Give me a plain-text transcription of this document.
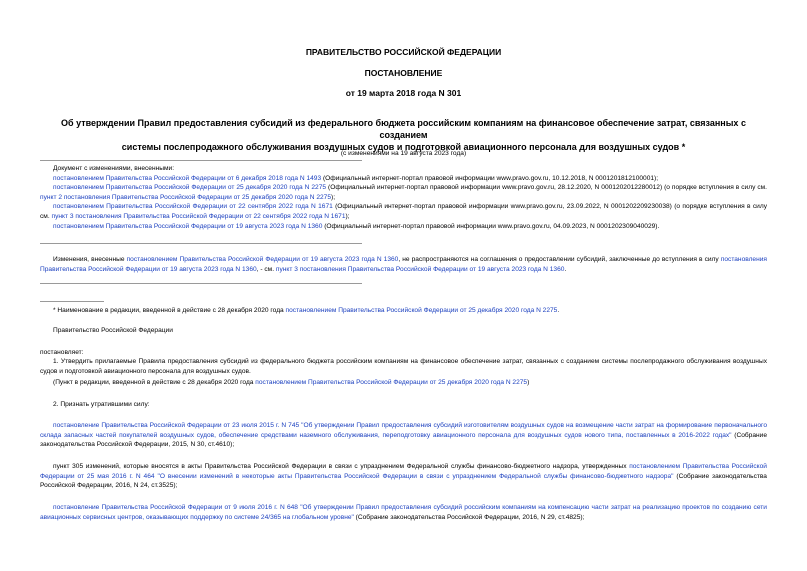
ПРАВИТЕЛЬСТВО РОССИЙСКОЙ ФЕДЕРАЦИИ
ПОСТАНОВЛЕНИЕ
от 19 марта 2018 года N 301
Об утверждении Правил предоставления субсидий из федерального бюджета российским компаниям на финансовое обеспечение затрат, связанных с созданием
системы послепродажного обслуживания воздушных судов и подготовкой авиационного персонала для воздушных судов *
(с изменениями на 19 августа 2023 года)
Документ с изменениями, внесенными:
постановлением Правительства Российской Федерации от 6 декабря 2018 года N 1493 (Официальный интернет-портал правовой информации www.pravo.gov.ru, 10.12.2018, N 0001201812100001);
постановлением Правительства Российской Федерации от 25 декабря 2020 года N 2275 (Официальный интернет-портал правовой информации www.pravo.gov.ru, 28.12.2020, N 0001202012280012) (о порядке вступления в силу см. пункт 2 постановления Правительства Российской Федерации от 25 декабря 2020 года N 2275);
постановлением Правительства Российской Федерации от 22 сентября 2022 года N 1671 (Официальный интернет-портал правовой информации www.pravo.gov.ru, 23.09.2022, N 0001202209230038) (о порядке вступления в силу см. пункт 3 постановления Правительства Российской Федерации от 22 сентября 2022 года N 1671);
постановлением Правительства Российской Федерации от 19 августа 2023 года N 1360 (Официальный интернет-портал правовой информации www.pravo.gov.ru, 04.09.2023, N 0001202309040029).
Изменения, внесенные постановлением Правительства Российской Федерации от 19 августа 2023 года N 1360, не распространяются на соглашения о предоставлении субсидий, заключенные до вступления в силу постановления Правительства Российской Федерации от 19 августа 2023 года N 1360, - см. пункт 3 постановления Правительства Российской Федерации от 19 августа 2023 года N 1360.
* Наименование в редакции, введенной в действие с 28 декабря 2020 года постановлением Правительства Российской Федерации от 25 декабря 2020 года N 2275.
Правительство Российской Федерации
постановляет:
1. Утвердить прилагаемые Правила предоставления субсидий из федерального бюджета российским компаниям на финансовое обеспечение затрат, связанных с созданием системы послепродажного обслуживания воздушных судов и подготовкой авиационного персонала для воздушных судов.
(Пункт в редакции, введенной в действие с 28 декабря 2020 года постановлением Правительства Российской Федерации от 25 декабря 2020 года N 2275)
2. Признать утратившими силу:
постановление Правительства Российской Федерации от 23 июля 2015 г. N 745 "Об утверждении Правил предоставления субсидий изготовителям воздушных судов на возмещение части затрат на формирование первоначального склада запасных частей покупателей воздушных судов, обеспечение средствами наземного обслуживания, переподготовку авиационного персонала для воздушных судов нового типа, поставленных в 2016-2022 годах" (Собрание законодательства Российской Федерации, 2015, N 30, ст.4610);
пункт 305 изменений, которые вносятся в акты Правительства Российской Федерации в связи с упразднением Федеральной службы финансово-бюджетного надзора, утвержденных постановлением Правительства Российской Федерации от 25 мая 2016 г. N 464 "О внесении изменений в некоторые акты Правительства Российской Федерации в связи с упразднением Федеральной службы финансово-бюджетного надзора" (Собрание законодательства Российской Федерации, 2016, N 24, ст.3525);
постановление Правительства Российской Федерации от 9 июля 2016 г. N 648 "Об утверждении Правил предоставления субсидий российским компаниям на компенсацию части затрат на реализацию проектов по созданию сети авиационных сервисных центров, оказывающих поддержку по системе 24/365 на глобальном уровне" (Собрание законодательства Российской Федерации, 2016, N 29, ст.4825);
